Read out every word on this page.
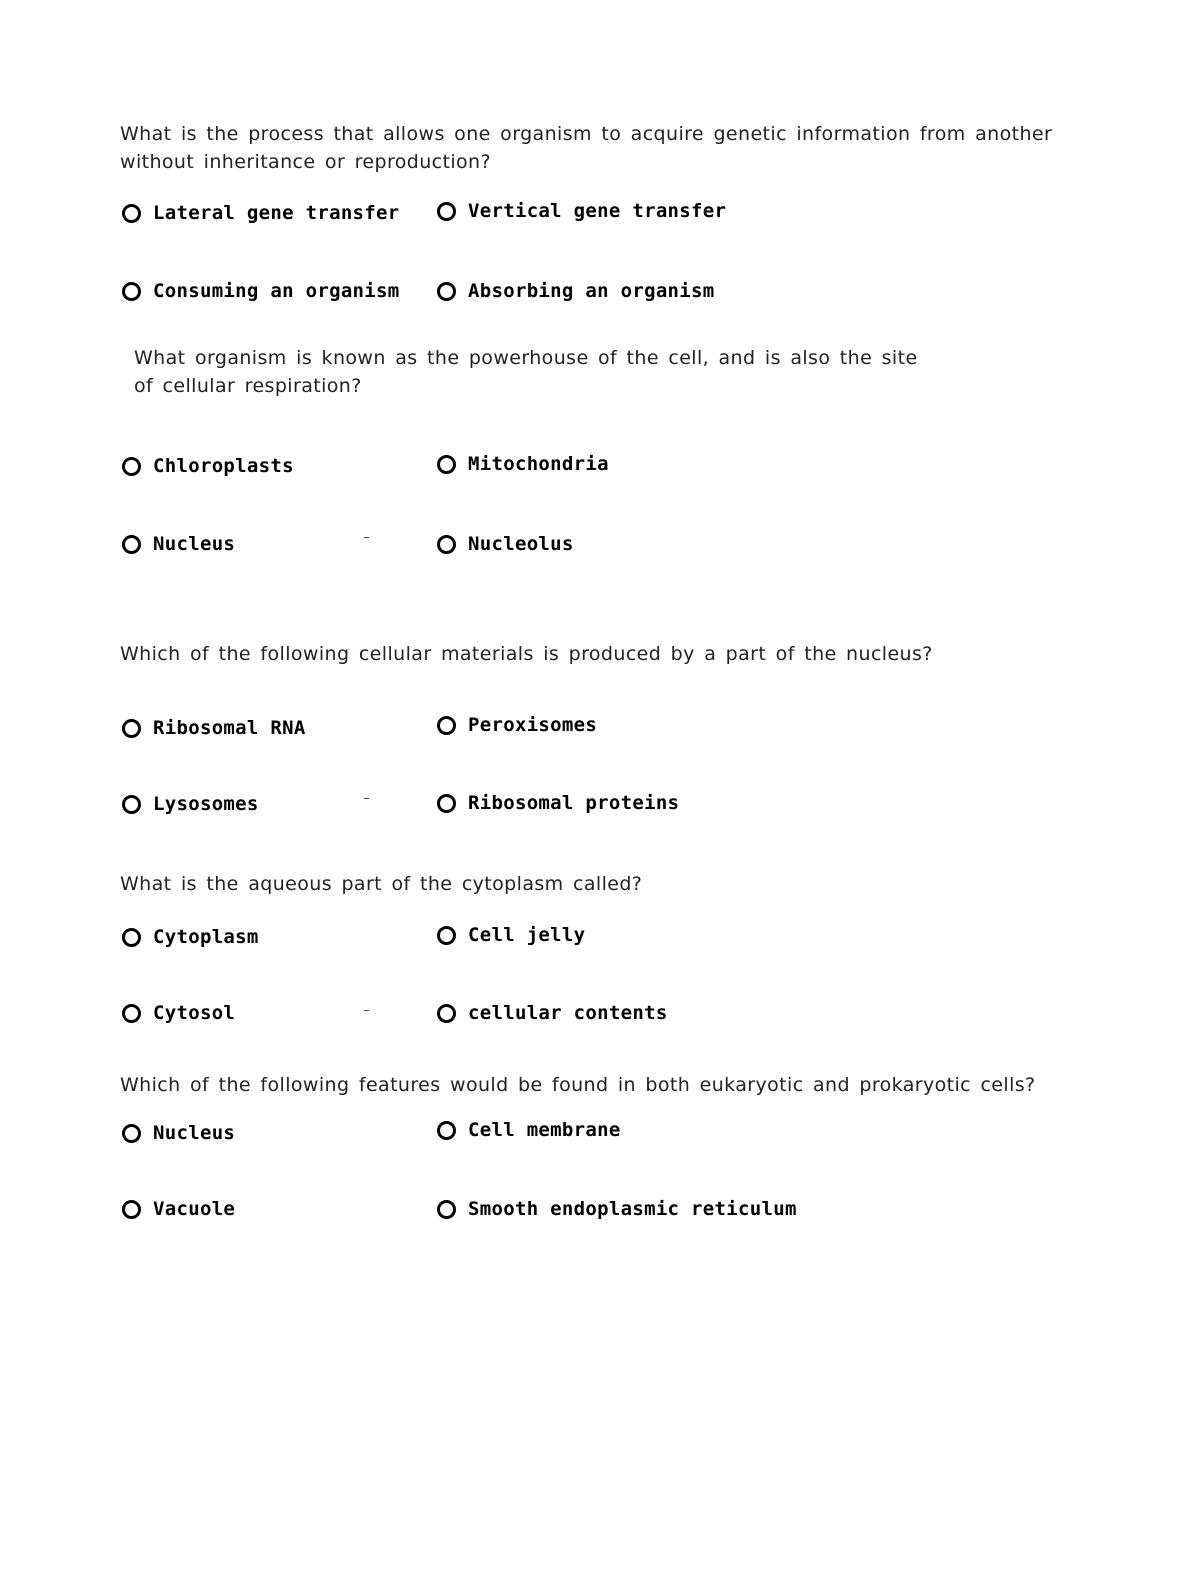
What is the process that allows one organism to acquire genetic information from another
without inheritance or reproduction?
Lateral gene transfer	Vertical gene transfer
Consuming an organism	Absorbing an organism
What organism is known as the powerhouse of the cell, and is also the site
of cellular respiration?
Chloroplasts	Mitochondria
Nucleus	Nucleolus
Which of the following cellular materials is produced by a part of the nucleus?
Ribosomal RNA	Peroxisomes
Lysosomes	Ribosomal proteins
What is the aqueous part of the cytoplasm called?
Cytoplasm	Cell jelly
Cytosol	cellular contents
Which of the following features would be found in both eukaryotic and prokaryotic cells?
Nucleus	Cell membrane
Vacuole	Smooth endoplasmic reticulum
